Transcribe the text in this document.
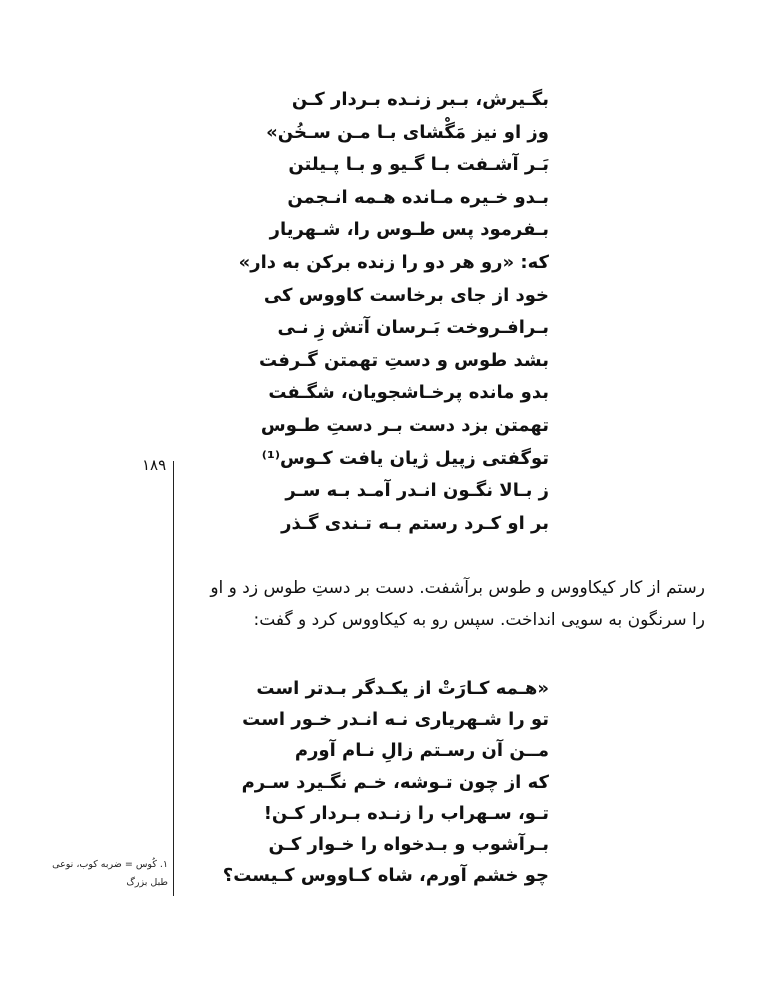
بگـیرش، بـبر زنـده بـردار کـن
وز او نیز مَگْشای بـا مـن سـخُن»
بَـر آشـفت بـا گـیو و بـا پـیلتن
بـدو خـیره مـانده هـمه انـجمن
بـفرمود پس طـوس را، شـهریار
که: «رو هر دو را زنده برکن به دار»
خود از جای برخاست کاووس کی
بـرافـروخت بَـرسان آتش زِ نـی
بشد طوس و دستِ تهمتن گـرفت
بدو مانده پرخـاشجویان، شگـفت
تهمتن بزد دست بـر دستِ طـوس
توگفتی زپیل ژیان یافت کـوس⁽¹⁾
ز بـالا نگـون انـدر آمـد بـه سـر
بر او کـرد رستم بـه تـندی گـذر
۱۸۹
رستم از کار کیکاووس و طوس برآشفت. دست بر دستِ طوس زد و او
را سرنگون به سویی انداخت. سپس رو به کیکاووس کرد و گفت:
«هـمه کـارَتْ از یکـدگر بـدتر است
تو را شـهریاری نـه انـدر خـور است
مــن آن رسـتم زالِ نـام آورم
که از چون تـوشه، خـم نگـیرد سـرم
تـو، سـهراب را زنـده بـردار کـن!
بـرآشوب و بـدخواه را خـوار کـن
چو خشم آورم، شاه کـاووس کـیست؟
۱. کُوس = ضربه کوب، نوعی
طبل بزرگ
